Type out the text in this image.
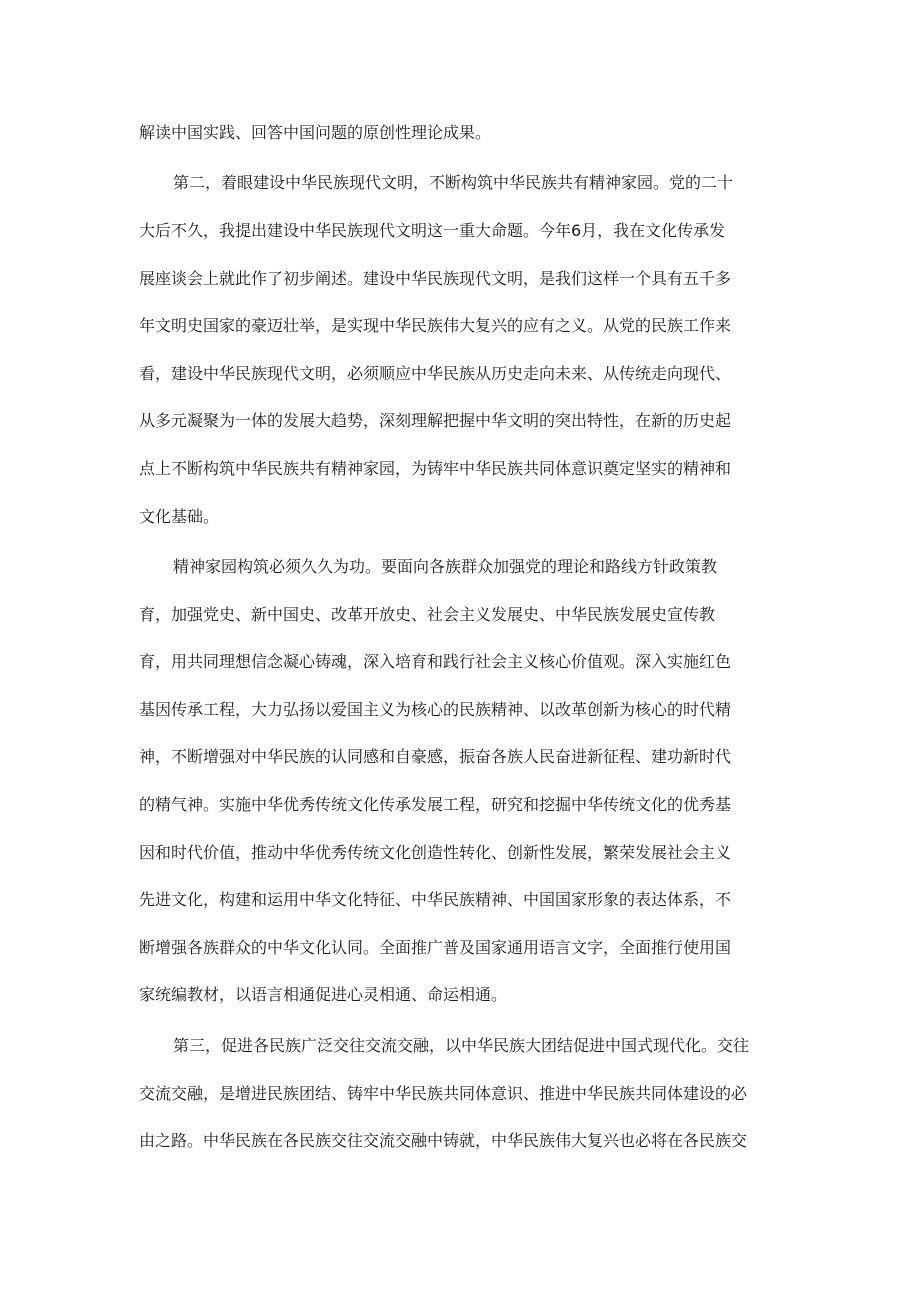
解读中国实践、回答中国问题的原创性理论成果。
第二，着眼建设中华民族现代文明，不断构筑中华民族共有精神家园。党的二十
大后不久，我提出建设中华民族现代文明这一重大命题。今年6月，我在文化传承发
展座谈会上就此作了初步阐述。建设中华民族现代文明，是我们这样一个具有五千多
年文明史国家的豪迈壮举，是实现中华民族伟大复兴的应有之义。从党的民族工作来
看，建设中华民族现代文明，必须顺应中华民族从历史走向未来、从传统走向现代、
从多元凝聚为一体的发展大趋势，深刻理解把握中华文明的突出特性，在新的历史起
点上不断构筑中华民族共有精神家园，为铸牢中华民族共同体意识奠定坚实的精神和
文化基础。
精神家园构筑必须久久为功。要面向各族群众加强党的理论和路线方针政策教
育，加强党史、新中国史、改革开放史、社会主义发展史、中华民族发展史宣传教
育，用共同理想信念凝心铸魂，深入培育和践行社会主义核心价值观。深入实施红色
基因传承工程，大力弘扬以爱国主义为核心的民族精神、以改革创新为核心的时代精
神，不断增强对中华民族的认同感和自豪感，振奋各族人民奋进新征程、建功新时代
的精气神。实施中华优秀传统文化传承发展工程，研究和挖掘中华传统文化的优秀基
因和时代价值，推动中华优秀传统文化创造性转化、创新性发展，繁荣发展社会主义
先进文化，构建和运用中华文化特征、中华民族精神、中国国家形象的表达体系，不
断增强各族群众的中华文化认同。全面推广普及国家通用语言文字，全面推行使用国
家统编教材，以语言相通促进心灵相通、命运相通。
第三，促进各民族广泛交往交流交融，以中华民族大团结促进中国式现代化。交往
交流交融，是增进民族团结、铸牢中华民族共同体意识、推进中华民族共同体建设的必
由之路。中华民族在各民族交往交流交融中铸就，中华民族伟大复兴也必将在各民族交
